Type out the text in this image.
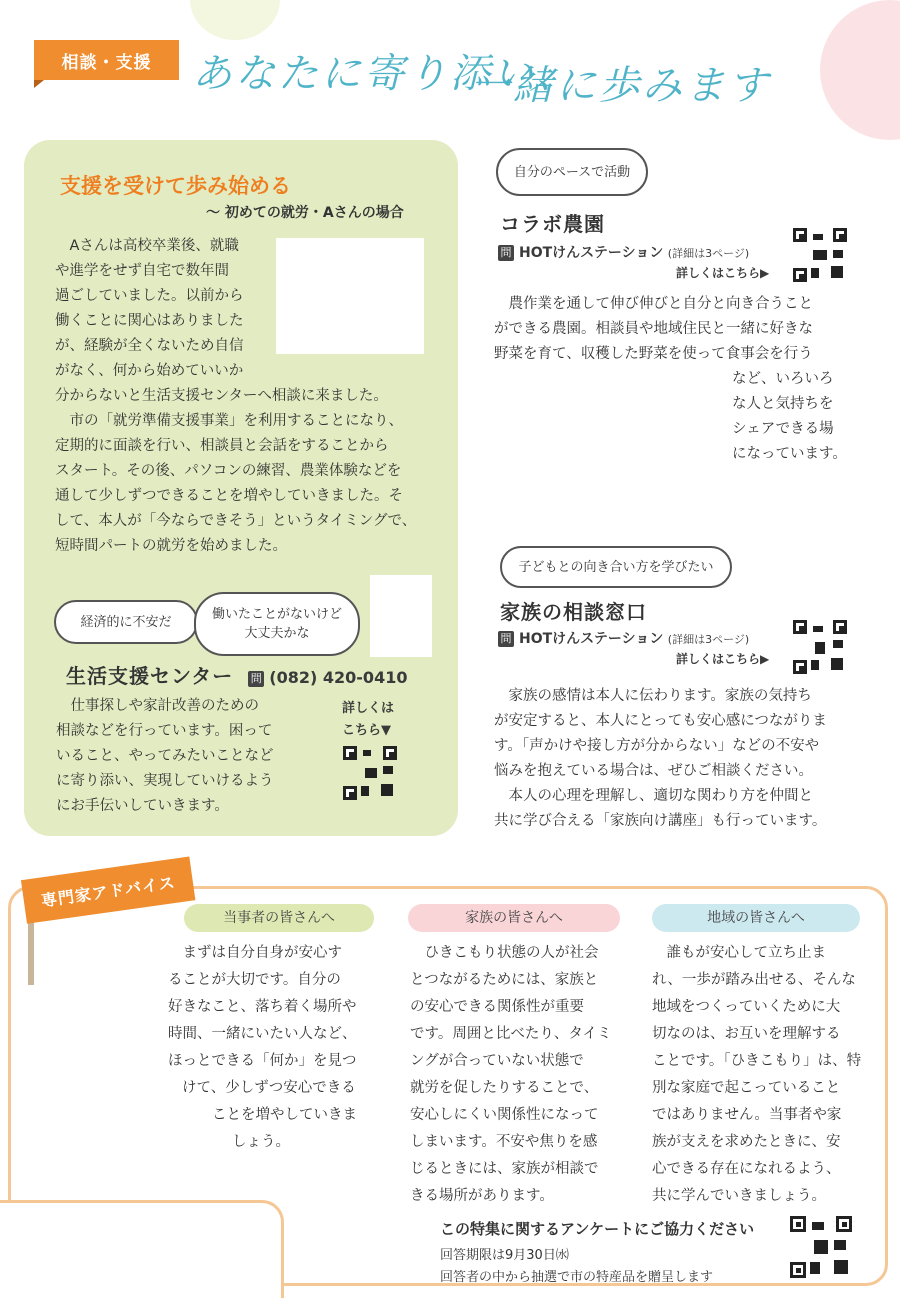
相談・支援	あなたに寄り添い、
一緒に歩みます
支援を受けて歩み始める
～ 初めての就労・Aさんの場合
　Aさんは高校卒業後、就職
や進学をせず自宅で数年間
過ごしていました。以前から
働くことに関心はありました
が、経験が全くないため自信
がなく、何から始めていいか
分からないと生活支援センターへ相談に来ました。
　市の「就労準備支援事業」を利用することになり、
定期的に面談を行い、相談員と会話をすることから
スタート。その後、パソコンの練習、農業体験などを
通して少しずつできることを増やしていきました。そ
して、本人が「今ならできそう」というタイミングで、
短時間パートの就労を始めました。
経済的に不安だ	働いたことがないけど
大丈夫かな
生活支援センター 問 (082) 420-0410
　仕事探しや家計改善のための
相談などを行っています。困って
いること、やってみたいことなど
に寄り添い、実現していけるよう
にお手伝いしていきます。
詳しくは
こちら▼
自分のペースで活動
コラボ農園
問 HOTけんステーション (詳細は3ページ)
詳しくはこちら▶
　農作業を通して伸び伸びと自分と向き合うこと
ができる農園。相談員や地域住民と一緒に好きな
野菜を育て、収穫した野菜を使って食事会を行う
など、いろいろ
な人と気持ちを
シェアできる場
になっています。
子どもとの向き合い方を学びたい
家族の相談窓口
問 HOTけんステーション (詳細は3ページ)
詳しくはこちら▶
　家族の感情は本人に伝わります。家族の気持ち
が安定すると、本人にとっても安心感につながりま
す。「声かけや接し方が分からない」などの不安や
悩みを抱えている場合は、ぜひご相談ください。
　本人の心理を理解し、適切な関わり方を仲間と
共に学び合える「家族向け講座」も行っています。
専門家アドバイス
当事者の皆さんへ	家族の皆さんへ	地域の皆さんへ
　まずは自分自身が安心す
ることが大切です。自分の
好きなこと、落ち着く場所や
時間、一緒にいたい人など、
ほっとできる「何か」を見つ
けて、少しずつ安心できる
ことを増やしていきま
しょう。
　ひきこもり状態の人が社会
とつながるためには、家族と
の安心できる関係性が重要
です。周囲と比べたり、タイミ
ングが合っていない状態で
就労を促したりすることで、
安心しにくい関係性になって
しまいます。不安や焦りを感
じるときには、家族が相談で
きる場所があります。
　誰もが安心して立ち止ま
れ、一歩が踏み出せる、そんな
地域をつくっていくために大
切なのは、お互いを理解する
ことです。「ひきこもり」は、特
別な家庭で起こっていること
ではありません。当事者や家
族が支えを求めたときに、安
心できる存在になれるよう、
共に学んでいきましょう。
この特集に関するアンケートにご協力ください
回答期限は9月30日㈬
回答者の中から抽選で市の特産品を贈呈します
